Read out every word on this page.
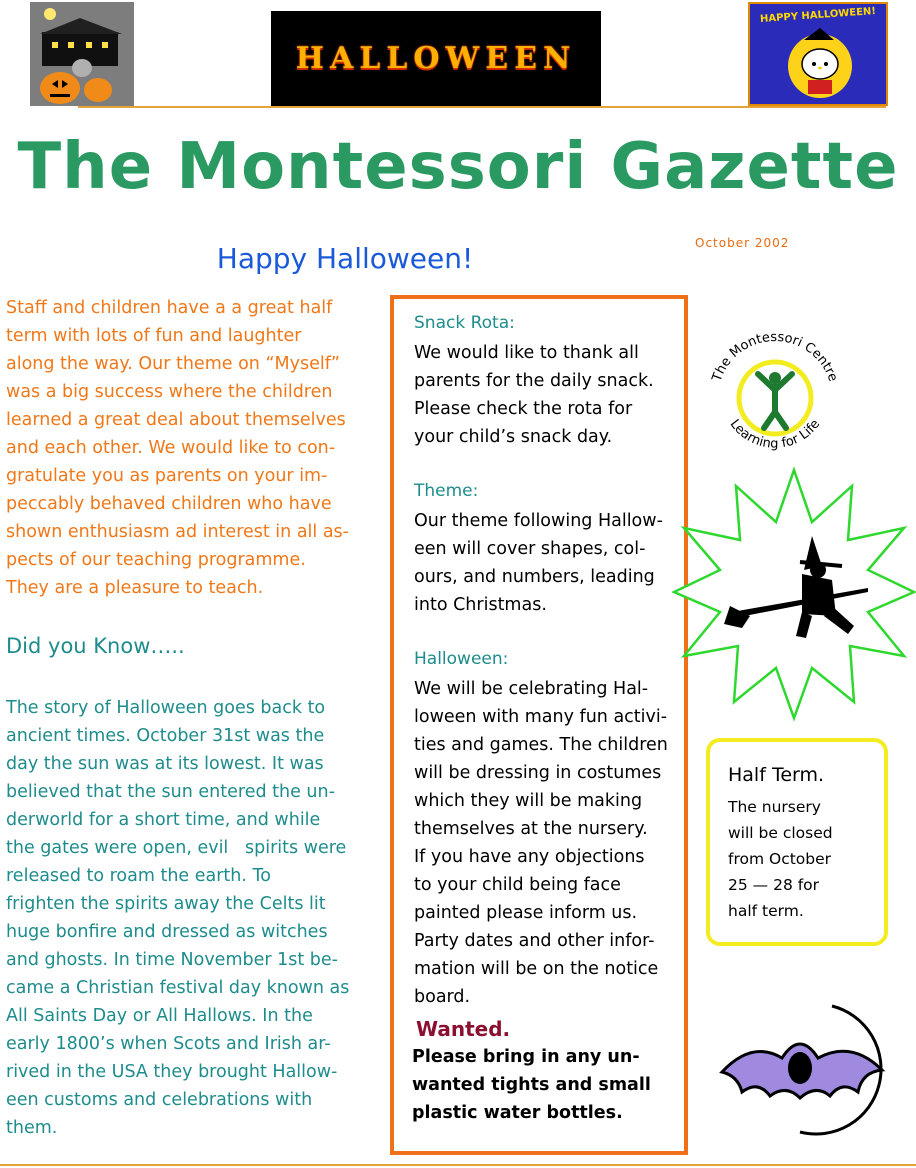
HALLOWEEN
HAPPY HALLOWEEN!
The Montessori Gazette
Happy Halloween!	October 2002
Staff and children have a a great half
term with lots of fun and laughter
along the way. Our theme on “Myself”
was a big success where the children
learned a great deal about themselves
and each other. We would like to con-
gratulate you as parents on your im-
peccably behaved children who have
shown enthusiasm ad interest in all as-
pects of our teaching programme.
They are a pleasure to teach.
Did you Know…..
The story of Halloween goes back to
ancient times. October 31st was the
day the sun was at its lowest. It was
believed that the sun entered the un-
derworld for a short time, and while
the gates were open, evil   spirits were
released to roam the earth. To
frighten the spirits away the Celts lit
huge bonfire and dressed as witches
and ghosts. In time November 1st be-
came a Christian festival day known as
All Saints Day or All Hallows. In the
early 1800’s when Scots and Irish ar-
rived in the USA they brought Hallow-
een customs and celebrations with
them.
Snack Rota:
We would like to thank all
parents for the daily snack.
Please check the rota for
your child’s snack day.
Theme:
Our theme following Hallow-
een will cover shapes, col-
ours, and numbers, leading
into Christmas.
Halloween:
We will be celebrating Hal-
loween with many fun activi-
ties and games. The children
will be dressing in costumes
which they will be making
themselves at the nursery.
If you have any objections
to your child being face
painted please inform us.
Party dates and other infor-
mation will be on the notice
board.
Wanted.
Please bring in any un-
wanted tights and small
plastic water bottles.
The Montessori Centre
Learning for Life
Half Term.
The nursery
will be closed
from October
25 — 28 for
half term.
